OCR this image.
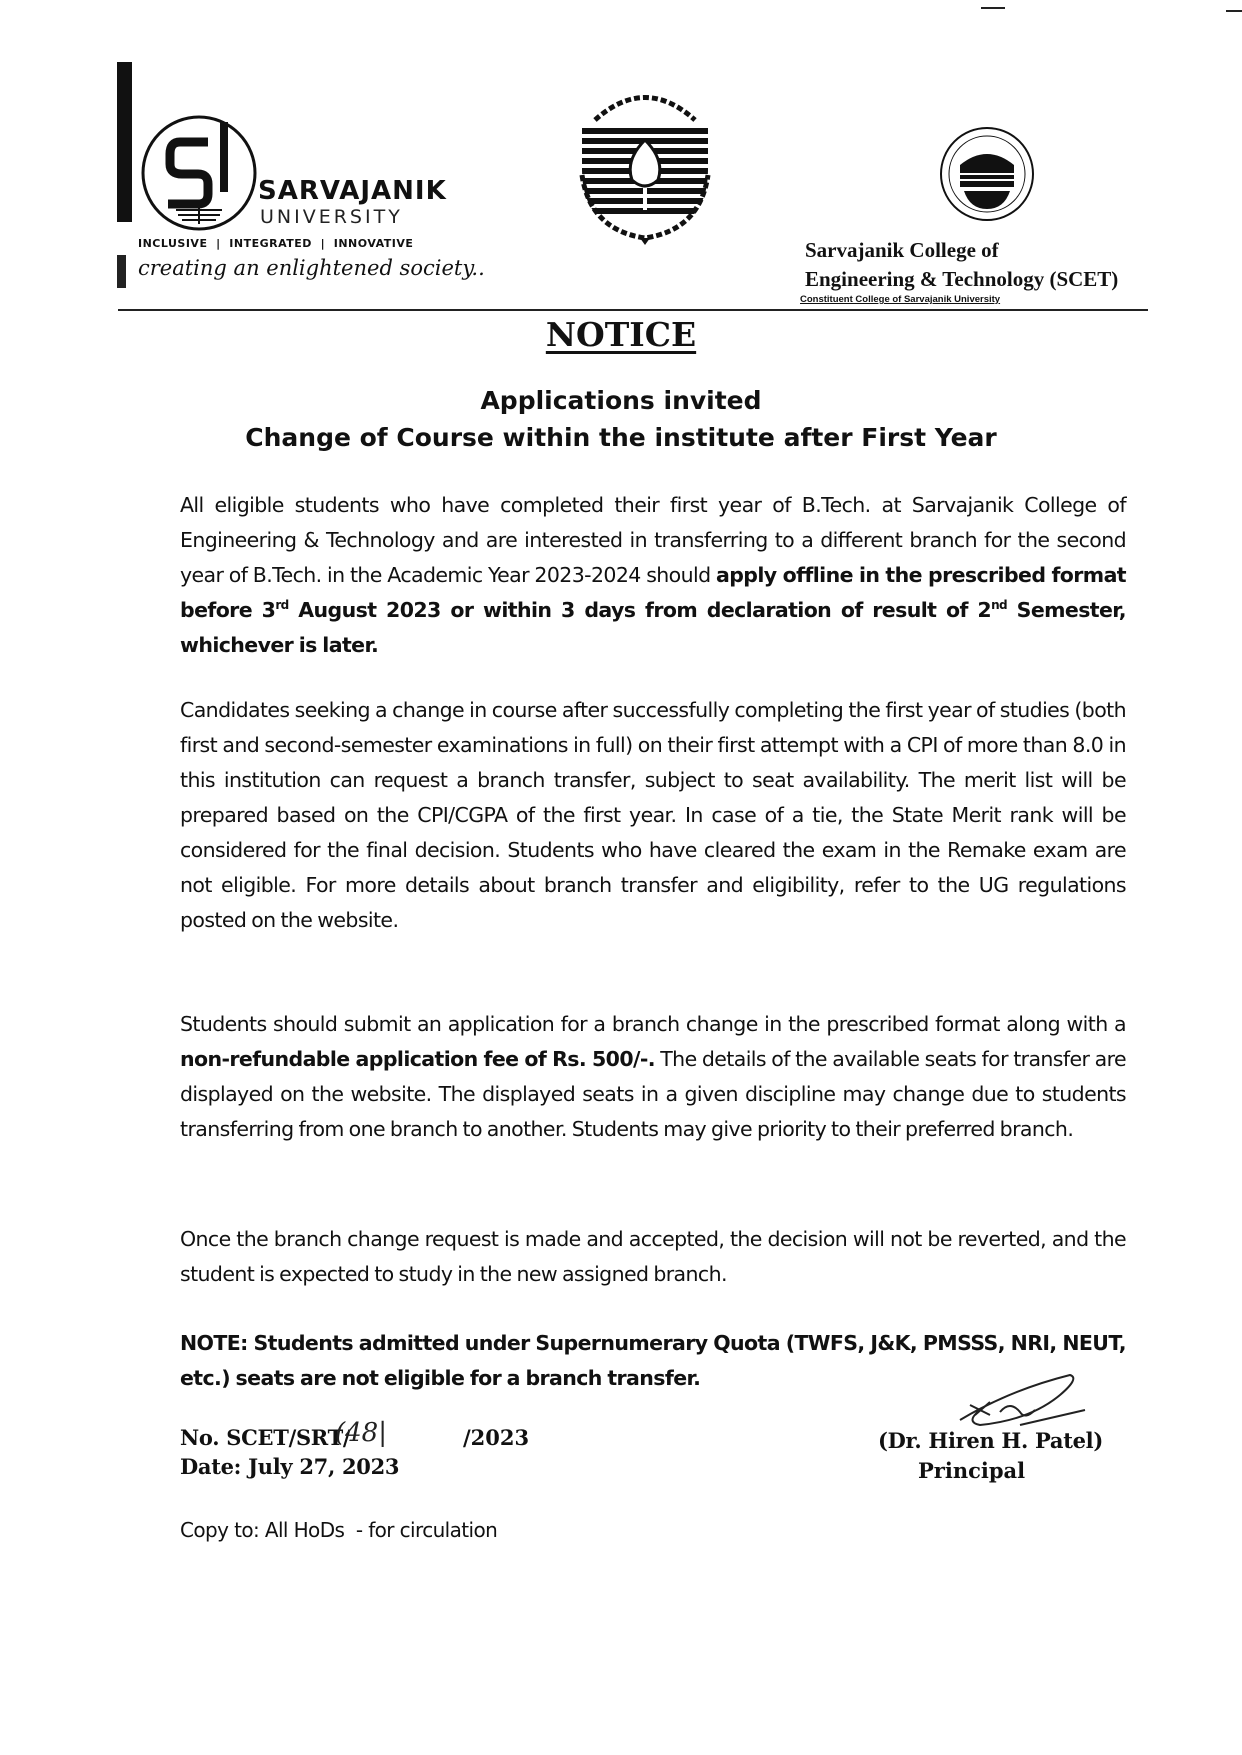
SARVAJANIK
UNIVERSITY
INCLUSIVE  |  INTEGRATED  |  INNOVATIVE
creating an enlightened society..
Sarvajanik College of
Engineering & Technology (SCET)
Constituent College of Sarvajanik University
NOTICE
Applications invited
Change of Course within the institute after First Year
All eligible students who have completed their first year of B.Tech. at Sarvajanik College of Engineering & Technology and are interested in transferring to a different branch for the second year of B.Tech. in the Academic Year 2023-2024 should apply offline in the prescribed format before 3rd August 2023 or within 3 days from declaration of result of 2nd Semester, whichever is later.
Candidates seeking a change in course after successfully completing the first year of studies (both first and second-semester examinations in full) on their first attempt with a CPI of more than 8.0 in this institution can request a branch transfer, subject to seat availability. The merit list will be prepared based on the CPI/CGPA of the first year. In case of a tie, the State Merit rank will be considered for the final decision. Students who have cleared the exam in the Remake exam are not eligible. For more details about branch transfer and eligibility, refer to the UG regulations posted on the website.
Students should submit an application for a branch change in the prescribed format along with a non-refundable application fee of Rs. 500/-. The details of the available seats for transfer are displayed on the website. The displayed seats in a given discipline may change due to students transferring from one branch to another. Students may give priority to their preferred branch.
Once the branch change request is made and accepted, the decision will not be reverted, and the student is expected to study in the new assigned branch.
NOTE: Students admitted under Supernumerary Quota (TWFS, J&K, PMSSS, NRI, NEUT, etc.) seats are not eligible for a branch transfer.
No. SCET/SRT/
(48|	/2023
Date: July 27, 2023
(Dr. Hiren H. Patel)
Principal
Copy to: All HoDs  - for circulation
